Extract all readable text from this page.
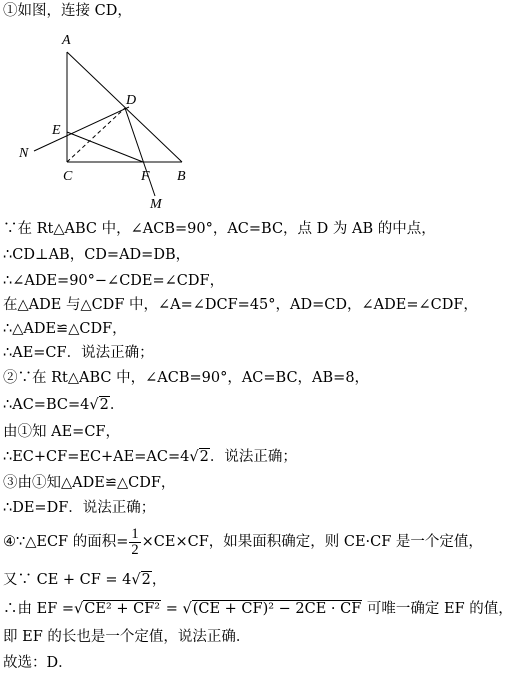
①如图，连接 CD，
A
D
E
N
C	F B
M
∵在 Rt△ABC 中，∠ACB=90°，AC=BC，点 D 为 AB 的中点，
∴CD⊥AB，CD=AD=DB，
∴∠ADE=90°−∠CDE=∠CDF，
在△ADE 与△CDF 中，∠A=∠DCF=45°，AD=CD，∠ADE=∠CDF，
∴△ADE≌△CDF，
∴AE=CF．说法正确；
②∵在 Rt△ABC 中，∠ACB=90°，AC=BC，AB=8，
∴AC=BC=4√2．
由①知 AE=CF，
∴EC+CF=EC+AE=AC=4√2．说法正确；
③由①知△ADE≌△CDF，
∴DE=DF．说法正确；
④∵△ECF 的面积= $\frac{1}{2} \times CE\times CF$，如果面积确定，则 CE·CF 是一个定值，
又∵ CE + CF = 4√2，
∴由 EF =√CE² + CF² = √(CE + CF)² − 2CE · CF 可唯一确定 EF 的值，
即 EF 的长也是一个定值，说法正确．
故选：D．
